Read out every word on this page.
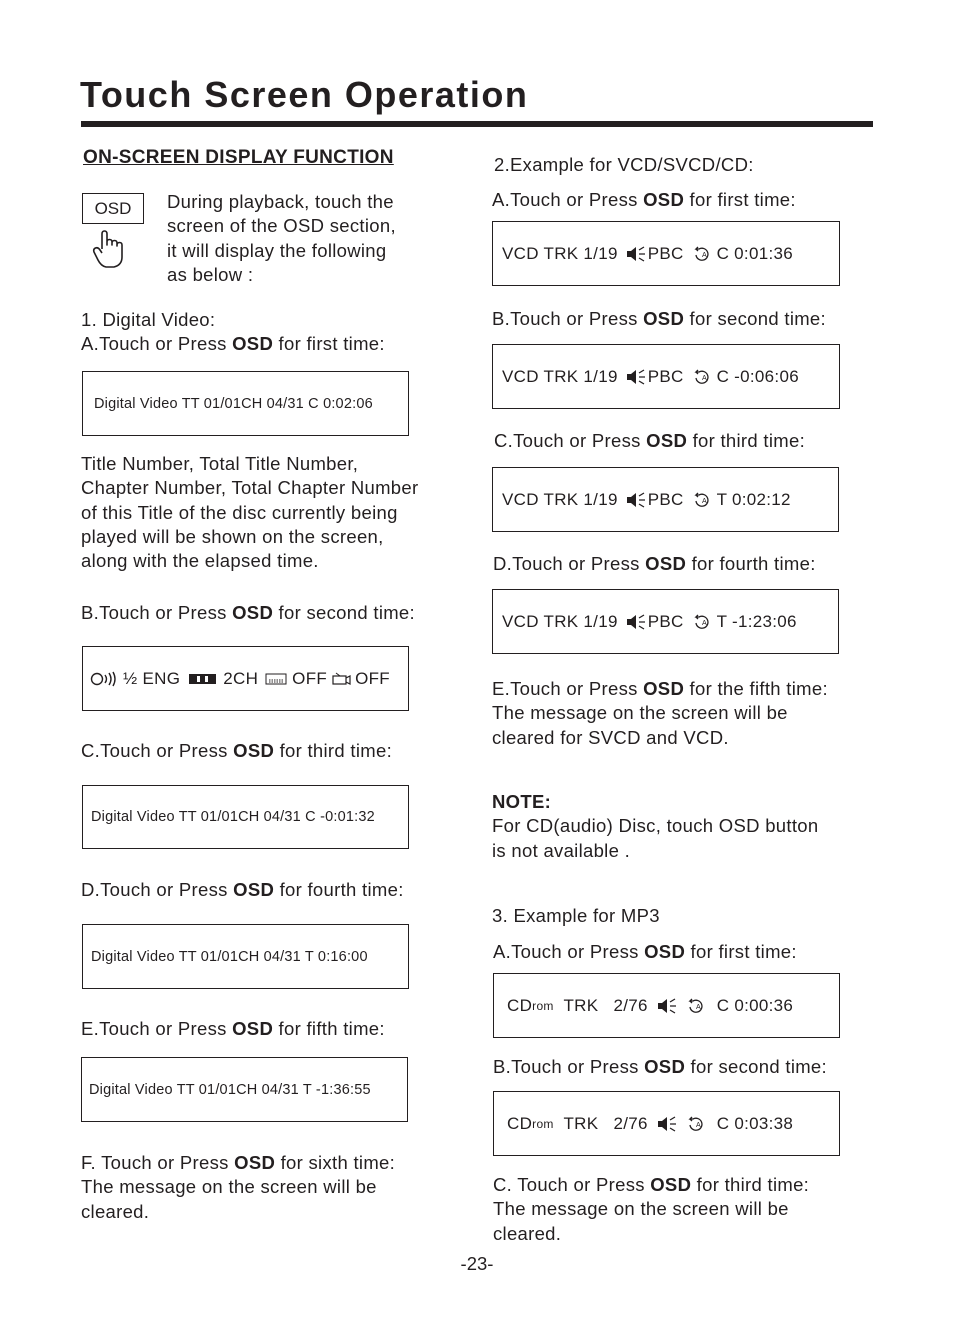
Touch Screen Operation
ON-SCREEN DISPLAY FUNCTION
OSD	During playback, touch the
screen of the OSD section,
it will display the following
as below :
1. Digital Video:
A.Touch or Press OSD for first time:
Digital Video TT 01/01CH 04/31 C 0:02:06
Title Number, Total Title Number,
Chapter Number, Total Chapter Number
of this Title of the disc currently being
played will be shown on the screen,
along with the elapsed time.
B.Touch or Press OSD for second time:
½ ENG	2CH OFF OFF
C.Touch or Press OSD for third time:
Digital Video TT 01/01CH 04/31 C -0:01:32
D.Touch or Press OSD for fourth time:
Digital Video TT 01/01CH 04/31 T 0:16:00
E.Touch or Press OSD for fifth time:
Digital Video TT 01/01CH 04/31 T -1:36:55
F. Touch or Press OSD for sixth time:
The message on the screen will be
cleared.
2.Example for VCD/SVCD/CD:
A.Touch or Press OSD for first time:
VCD TRK 1/19 PBC	A C 0:01:36
B.Touch or Press OSD for second time:
VCD TRK 1/19 PBC	A C -0:06:06
C.Touch or Press OSD for third time:
VCD TRK 1/19 PBC	A T 0:02:12
D.Touch or Press OSD for fourth time:
VCD TRK 1/19 PBC	A T -1:23:06
E.Touch or Press OSD for the fifth time:
The message on the screen will be
cleared for SVCD and VCD.
NOTE:
For CD(audio) Disc, touch OSD button
is not available .
3. Example for MP3
A.Touch or Press OSD for first time:
CD rom TRK   2/76	A C 0:00:36
B.Touch or Press OSD for second time:
CD rom TRK   2/76	A C 0:03:38
C. Touch or Press OSD for third time:
The message on the screen will be
cleared.
-23-
